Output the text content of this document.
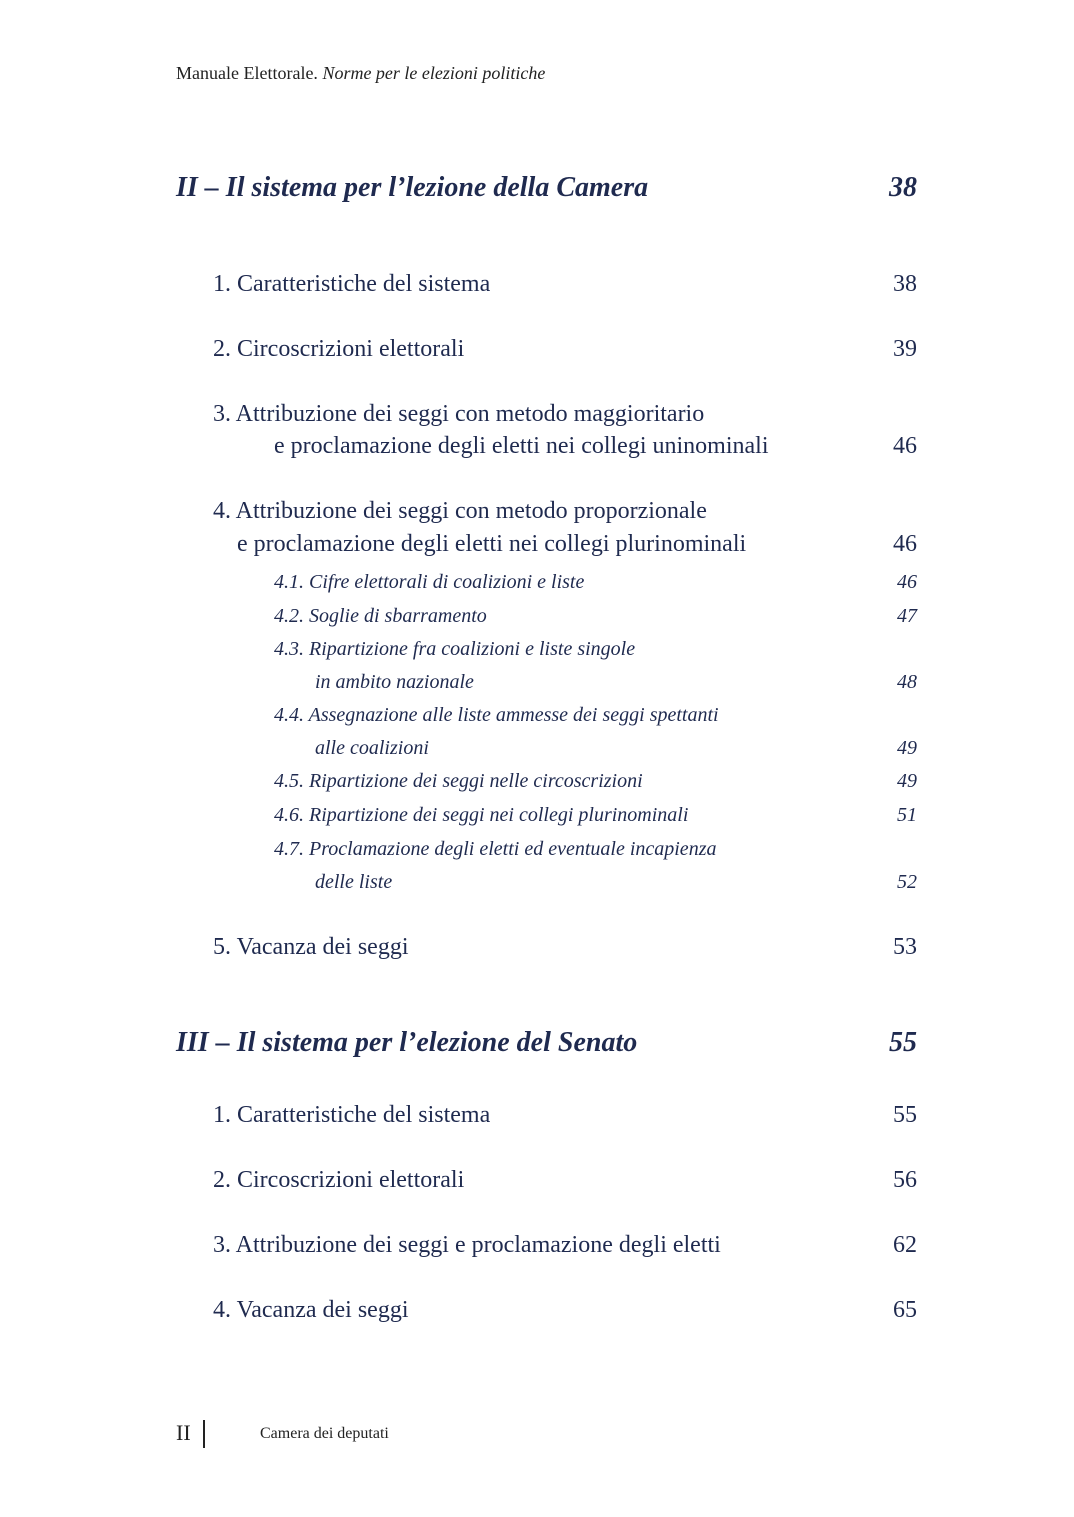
Manuale Elettorale. Norme per le elezioni politiche
II – Il sistema per l’lezione della Camera	38
1. Caratteristiche del sistema	38
2. Circoscrizioni elettorali	39
3. Attribuzione dei seggi con metodo maggioritario
e proclamazione degli eletti nei collegi uninominali	46
4. Attribuzione dei seggi con metodo proporzionale
e proclamazione degli eletti nei collegi plurinominali	46
4.1. Cifre elettorali di coalizioni e liste	46
4.2. Soglie di sbarramento	47
4.3. Ripartizione fra coalizioni e liste singole
in ambito nazionale	48
4.4. Assegnazione alle liste ammesse dei seggi spettanti
alle coalizioni	49
4.5. Ripartizione dei seggi nelle circoscrizioni	49
4.6. Ripartizione dei seggi nei collegi plurinominali	51
4.7. Proclamazione degli eletti ed eventuale incapienza
delle liste	52
5. Vacanza dei seggi	53
III – Il sistema per l’elezione del Senato	55
1. Caratteristiche del sistema	55
2. Circoscrizioni elettorali	56
3. Attribuzione dei seggi e proclamazione degli eletti	62
4. Vacanza dei seggi	65
II	Camera dei deputati
